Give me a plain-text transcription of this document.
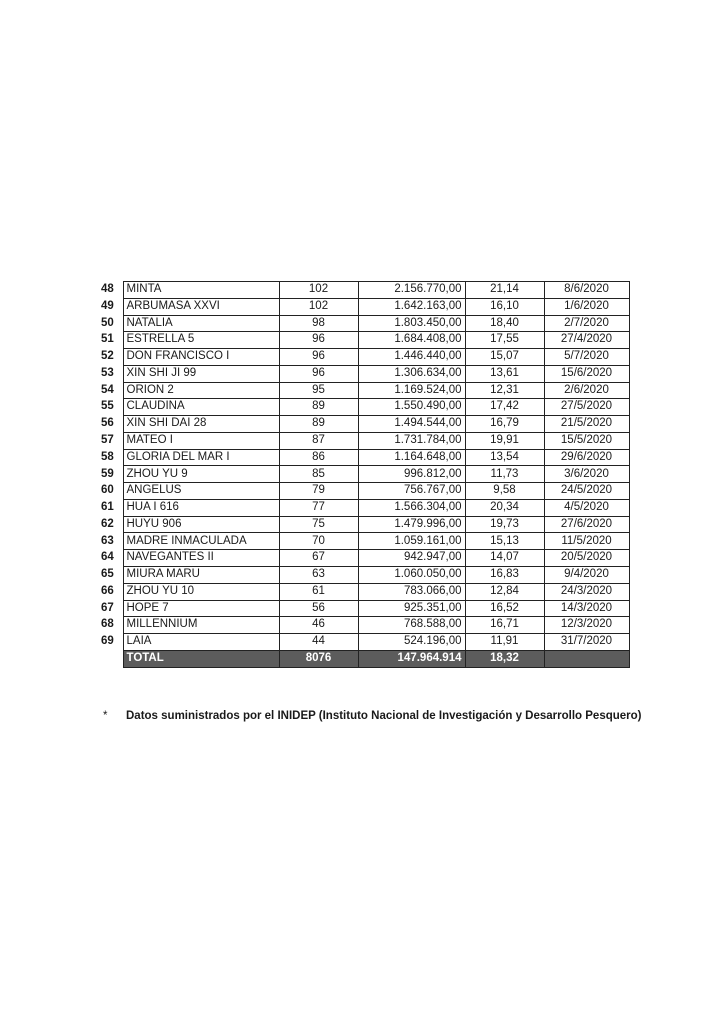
48	MINTA	102	2.156.770,00	21,14	8/6/2020
49	ARBUMASA XXVI	102	1.642.163,00	16,10	1/6/2020
50	NATALIA	98	1.803.450,00	18,40	2/7/2020
51	ESTRELLA 5	96	1.684.408,00	17,55	27/4/2020
52	DON FRANCISCO I	96	1.446.440,00	15,07	5/7/2020
53	XIN SHI JI 99	96	1.306.634,00	13,61	15/6/2020
54	ORION 2	95	1.169.524,00	12,31	2/6/2020
55	CLAUDINA	89	1.550.490,00	17,42	27/5/2020
56	XIN SHI DAI 28	89	1.494.544,00	16,79	21/5/2020
57	MATEO I	87	1.731.784,00	19,91	15/5/2020
58	GLORIA DEL MAR I	86	1.164.648,00	13,54	29/6/2020
59	ZHOU YU 9	85	996.812,00	11,73	3/6/2020
60	ANGELUS	79	756.767,00	9,58	24/5/2020
61	HUA I 616	77	1.566.304,00	20,34	4/5/2020
62	HUYU 906	75	1.479.996,00	19,73	27/6/2020
63	MADRE INMACULADA	70	1.059.161,00	15,13	11/5/2020
64	NAVEGANTES II	67	942.947,00	14,07	20/5/2020
65	MIURA MARU	63	1.060.050,00	16,83	9/4/2020
66	ZHOU YU 10	61	783.066,00	12,84	24/3/2020
67	HOPE 7	56	925.351,00	16,52	14/3/2020
68	MILLENNIUM	46	768.588,00	16,71	12/3/2020
69	LAIA	44	524.196,00	11,91	31/7/2020
	TOTAL	8076	147.964.914	18,32	
*	Datos suministrados por el INIDEP (Instituto Nacional de Investigación y Desarrollo Pesquero)
